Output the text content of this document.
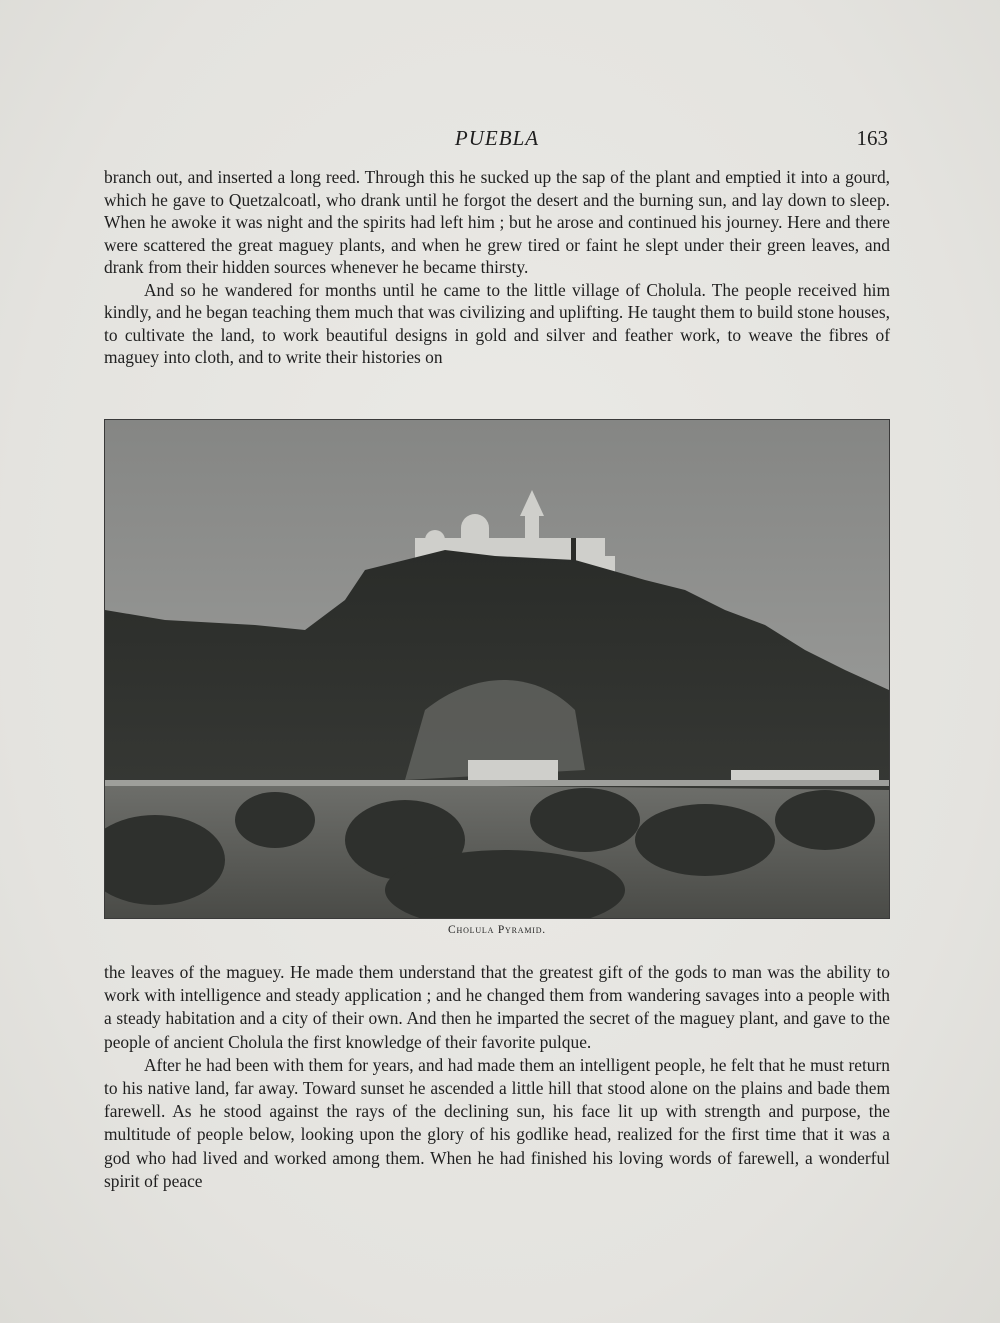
PUEBLA	163

branch out, and inserted a long reed. Through this he sucked up the sap of the plant and emptied it into a gourd, which he gave to Quetzalcoatl, who drank until he forgot the desert and the burning sun, and lay down to sleep. When he awoke it was night and the spirits had left him ; but he arose and continued his journey. Here and there were scattered the great maguey plants, and when he grew tired or faint he slept under their green leaves, and drank from their hidden sources whenever he became thirsty.

And so he wandered for months until he came to the little village of Cholula. The people received him kindly, and he began teaching them much that was civilizing and uplifting. He taught them to build stone houses, to cultivate the land, to work beautiful designs in gold and silver and feather work, to weave the fibres of maguey into cloth, and to write their histories on

Cholula Pyramid.

the leaves of the maguey. He made them understand that the greatest gift of the gods to man was the ability to work with intelligence and steady application ; and he changed them from wandering savages into a people with a steady habitation and a city of their own. And then he imparted the secret of the maguey plant, and gave to the people of ancient Cholula the first knowledge of their favorite pulque.

After he had been with them for years, and had made them an intelligent people, he felt that he must return to his native land, far away. Toward sunset he ascended a little hill that stood alone on the plains and bade them farewell. As he stood against the rays of the declining sun, his face lit up with strength and purpose, the multitude of people below, looking upon the glory of his godlike head, realized for the first time that it was a god who had lived and worked among them. When he had finished his loving words of farewell, a wonderful spirit of peace
